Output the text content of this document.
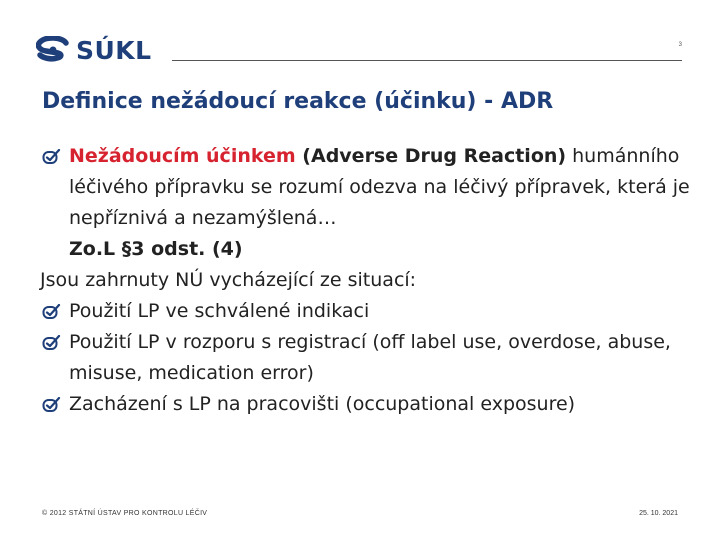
SÚKL	3
Definice nežádoucí reakce (účinku) - ADR
Nežádoucím účinkem (Adverse Drug Reaction) humánního léčivého přípravku se rozumí odezva na léčivý přípravek, která je nepříznivá a nezamýšlená…
Zo.L §3 odst. (4)
Jsou zahrnuty NÚ vycházející ze situací:
Použití LP ve schválené indikaci
Použití LP v rozporu s registrací (off label use, overdose, abuse, misuse, medication error)
Zacházení s LP na pracovišti (occupational exposure)
© 2012 STÁTNÍ ÚSTAV PRO KONTROLU LÉČIV	25. 10. 2021
